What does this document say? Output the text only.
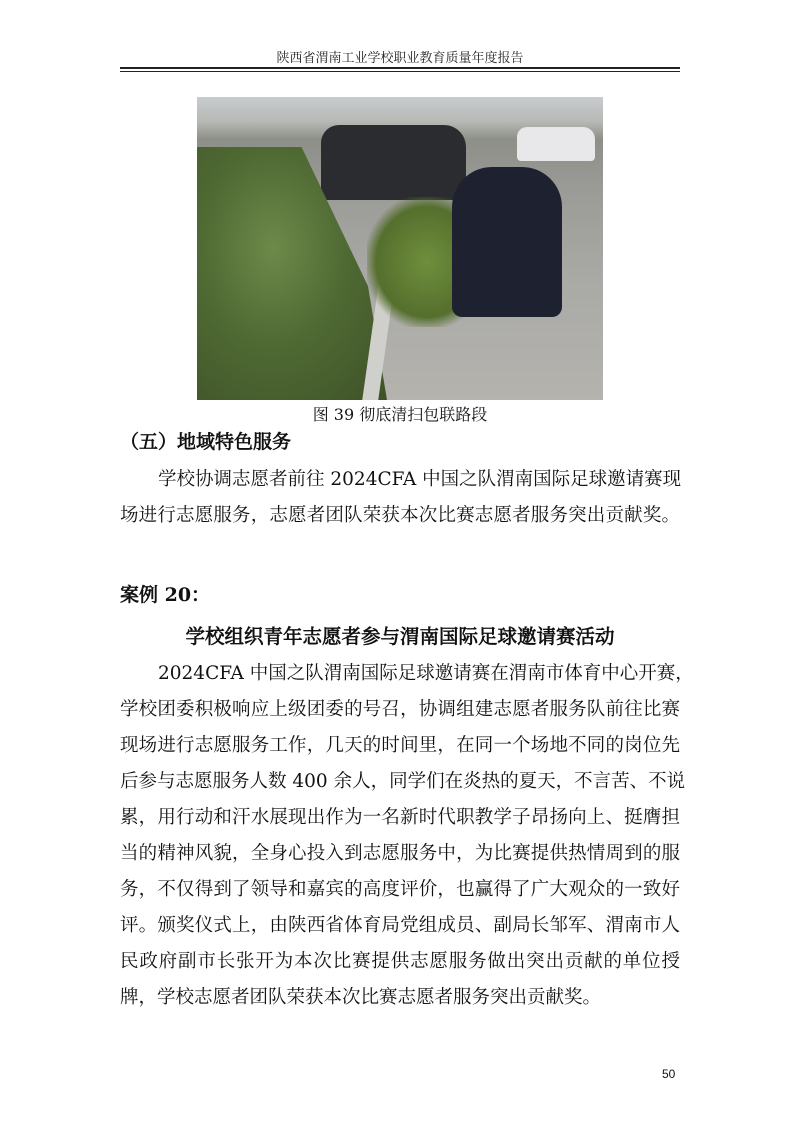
陕西省渭南工业学校职业教育质量年度报告
图 39 彻底清扫包联路段
（五）地域特色服务
学校协调志愿者前往 2024CFA 中国之队渭南国际足球邀请赛现
场进行志愿服务，志愿者团队荣获本次比赛志愿者服务突出贡献奖。
案例 20：
学校组织青年志愿者参与渭南国际足球邀请赛活动
2024CFA 中国之队渭南国际足球邀请赛在渭南市体育中心开赛，
学校团委积极响应上级团委的号召，协调组建志愿者服务队前往比赛
现场进行志愿服务工作，几天的时间里，在同一个场地不同的岗位先
后参与志愿服务人数 400 余人，同学们在炎热的夏天，不言苦、不说
累，用行动和汗水展现出作为一名新时代职教学子昂扬向上、挺膺担
当的精神风貌，全身心投入到志愿服务中，为比赛提供热情周到的服
务，不仅得到了领导和嘉宾的高度评价，也赢得了广大观众的一致好
评。颁奖仪式上，由陕西省体育局党组成员、副局长邹军、渭南市人
民政府副市长张开为本次比赛提供志愿服务做出突出贡献的单位授
牌，学校志愿者团队荣获本次比赛志愿者服务突出贡献奖。
50
